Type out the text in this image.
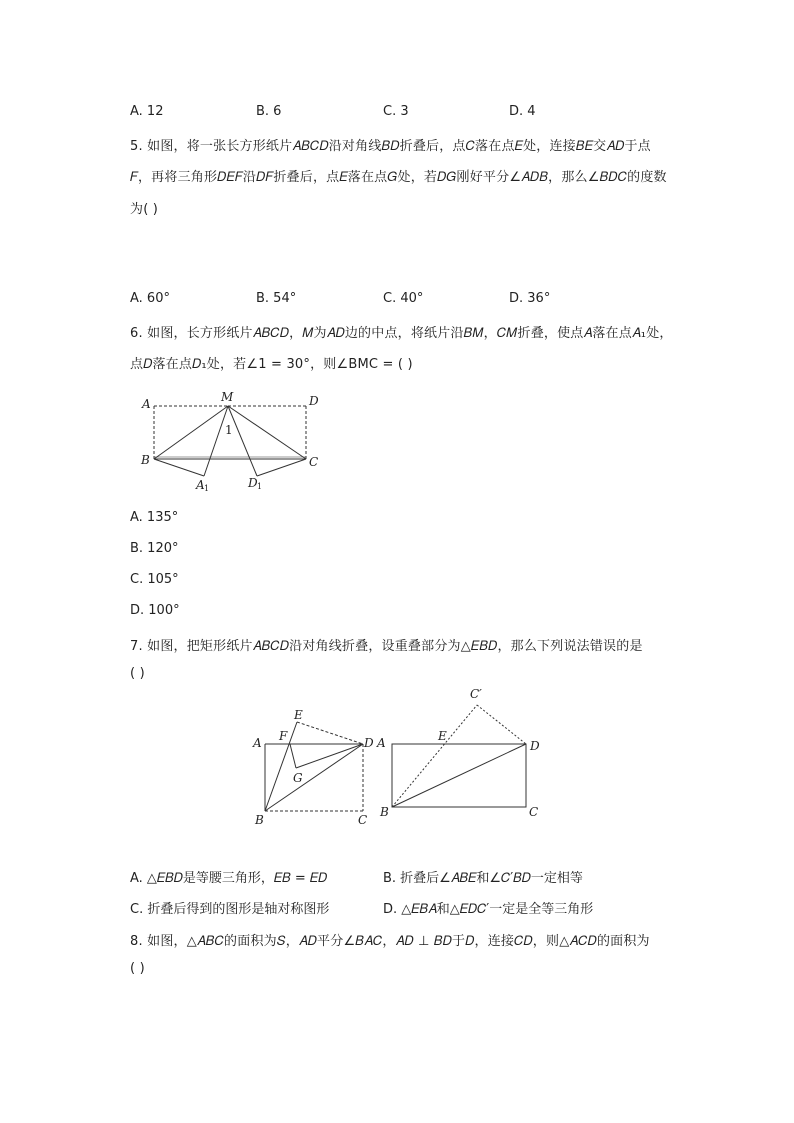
A. 12	B. 6	C. 3	D. 4
5. 如图，将一张长方形纸片𝐴𝐵𝐶𝐷沿对角线𝐵𝐷折叠后，点𝐶落在点𝐸处，连接𝐵𝐸交𝐴𝐷于点
𝐹，再将三角形𝐷𝐸𝐹沿𝐷𝐹折叠后，点𝐸落在点𝐺处，若𝐷𝐺刚好平分∠𝐴𝐷𝐵，那么∠𝐵𝐷𝐶的度数
为( )
A. 60°	B. 54°	C. 40°	D. 36°
6. 如图，长方形纸片𝐴𝐵𝐶𝐷，𝑀为𝐴𝐷边的中点，将纸片沿𝐵𝑀，𝐶𝑀折叠，使点𝐴落在点𝐴₁处，
点𝐷落在点𝐷₁处，若∠1 = 30°，则∠BMC = ( )
A	M	D
B	C
A 1	D 1
1
A. 135°
B. 120°
C. 105°
D. 100°
7. 如图，把矩形纸片𝐴𝐵𝐶𝐷沿对角线折叠，设重叠部分为△𝐸𝐵𝐷，那么下列说法错误的是
( )
E
A F	D
G
B	C
C′
A	E
D
B	C
A. △𝐸𝐵𝐷是等腰三角形，𝐸𝐵 = 𝐸𝐷	B. 折叠后∠𝐴𝐵𝐸和∠𝐶′𝐵𝐷一定相等
C. 折叠后得到的图形是轴对称图形	D. △𝐸𝐵𝐴和△𝐸𝐷𝐶′一定是全等三角形
8. 如图，△𝐴𝐵𝐶的面积为𝑆，𝐴𝐷平分∠𝐵𝐴𝐶，𝐴𝐷 ⊥ 𝐵𝐷于𝐷，连接𝐶𝐷，则△𝐴𝐶𝐷的面积为
( )
